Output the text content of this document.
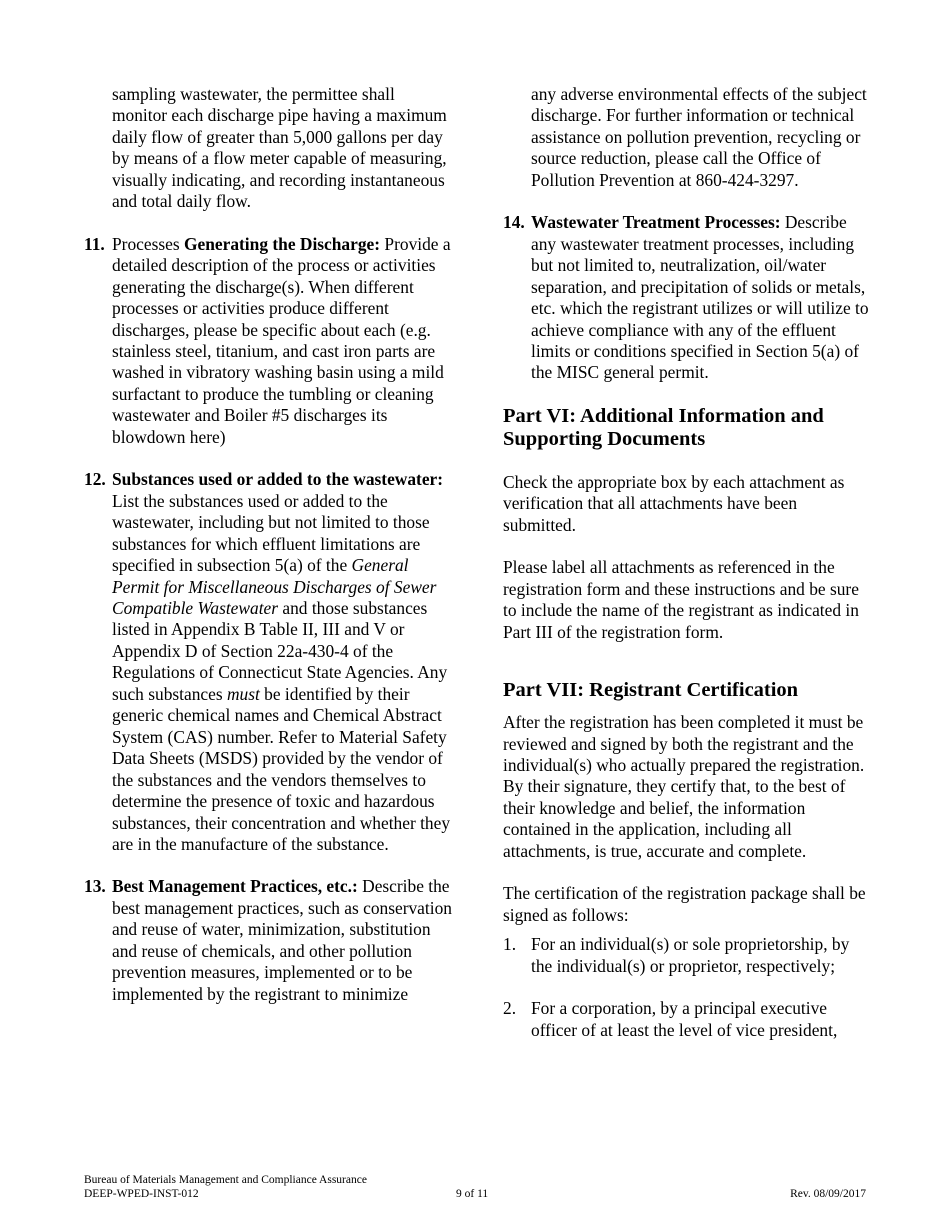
sampling wastewater, the permittee shall monitor each discharge pipe having a maximum daily flow of greater than 5,000 gallons per day by means of a flow meter capable of measuring, visually indicating, and recording instantaneous and total daily flow.

11. Processes Generating the Discharge: Provide a detailed description of the process or activities generating the discharge(s). When different processes or activities produce different discharges, please be specific about each (e.g. stainless steel, titanium, and cast iron parts are washed in vibratory washing basin using a mild surfactant to produce the tumbling or cleaning wastewater and Boiler #5 discharges its blowdown here)
12. Substances used or added to the wastewater: List the substances used or added to the wastewater, including but not limited to those substances for which effluent limitations are specified in subsection 5(a) of the General Permit for Miscellaneous Discharges of Sewer Compatible Wastewater and those substances listed in Appendix B Table II, III and V or Appendix D of Section 22a-430-4 of the Regulations of Connecticut State Agencies. Any such substances must be identified by their generic chemical names and Chemical Abstract System (CAS) number. Refer to Material Safety Data Sheets (MSDS) provided by the vendor of the substances and the vendors themselves to determine the presence of toxic and hazardous substances, their concentration and whether they are in the manufacture of the substance.
13. Best Management Practices, etc.: Describe the best management practices, such as conservation and reuse of water, minimization, substitution and reuse of chemicals, and other pollution prevention measures, implemented or to be implemented by the registrant to minimize

any adverse environmental effects of the subject discharge. For further information or technical assistance on pollution prevention, recycling or source reduction, please call the Office of Pollution Prevention at 860-424-3297.

14. Wastewater Treatment Processes: Describe any wastewater treatment processes, including but not limited to, neutralization, oil/water separation, and precipitation of solids or metals, etc. which the registrant utilizes or will utilize to achieve compliance with any of the effluent limits or conditions specified in Section 5(a) of the MISC general permit.
Part VI: Additional Information and Supporting Documents

Check the appropriate box by each attachment as verification that all attachments have been submitted.

Please label all attachments as referenced in the registration form and these instructions and be sure to include the name of the registrant as indicated in Part III of the registration form.

Part VII: Registrant Certification

After the registration has been completed it must be reviewed and signed by both the registrant and the individual(s) who actually prepared the registration. By their signature, they certify that, to the best of their knowledge and belief, the information contained in the application, including all attachments, is true, accurate and complete.

The certification of the registration package shall be signed as follows:

1. For an individual(s) or sole proprietorship, by the individual(s) or proprietor, respectively;
2. For a corporation, by a principal executive officer of at least the level of vice president,
Bureau of Materials Management and Compliance Assurance
DEEP-WPED-INST-012	Rev. 08/09/2017
9 of 11
